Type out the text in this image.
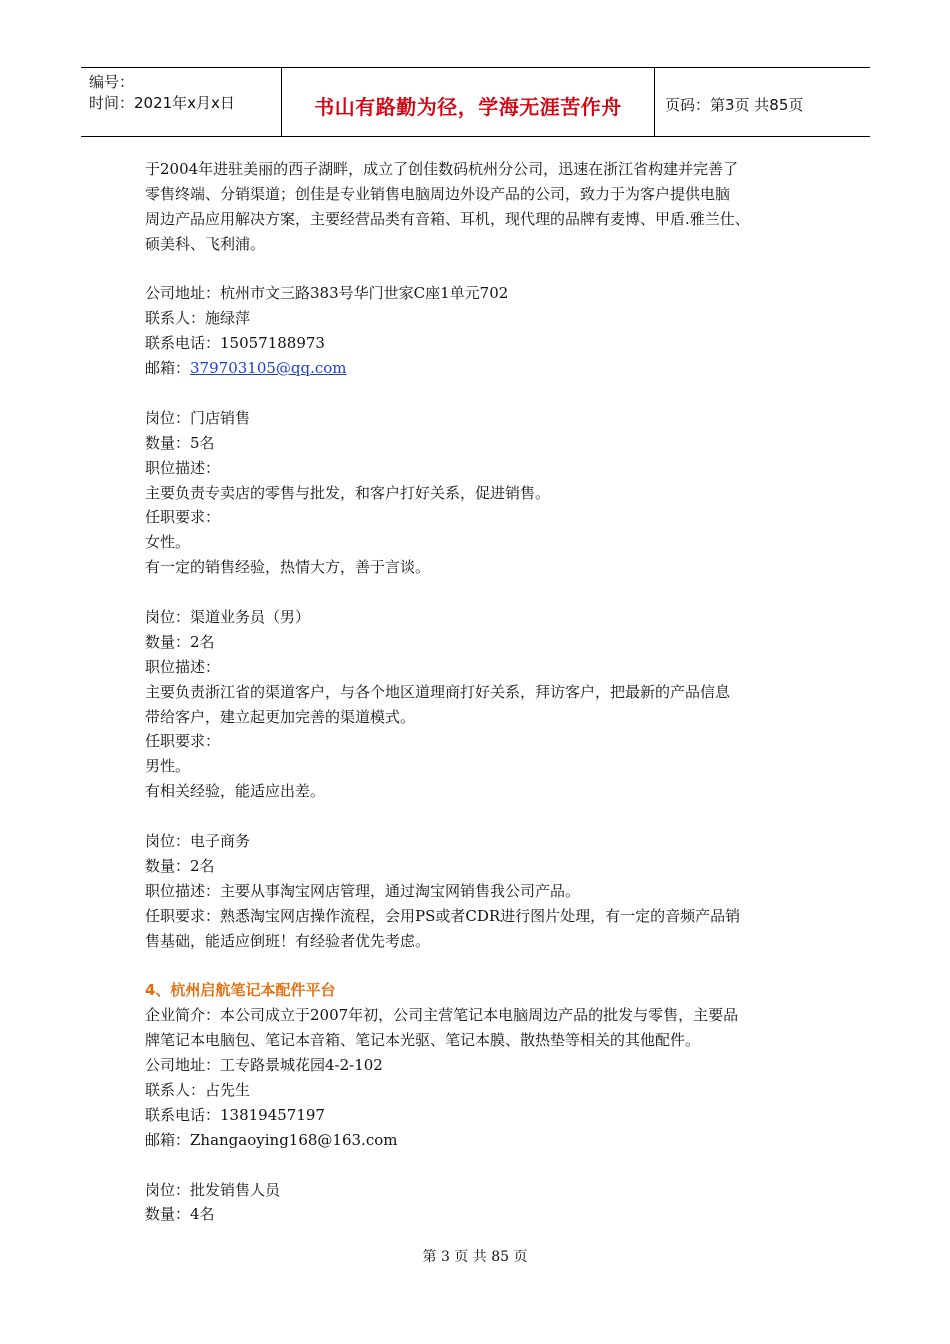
编号：
时间：2021年x月x日	书山有路勤为径，学海无涯苦作舟	页码：第3页 共85页
于2004年进驻美丽的西子湖畔，成立了创佳数码杭州分公司，迅速在浙江省构建并完善了
零售终端、分销渠道；创佳是专业销售电脑周边外设产品的公司，致力于为客户提供电脑
周边产品应用解决方案，主要经营品类有音箱、耳机，现代理的品牌有麦博、甲盾.雅兰仕、
硕美科、飞利浦。
公司地址：杭州市文三路383号华门世家C座1单元702
联系人：施绿萍
联系电话：15057188973
邮箱：379703105@qq.com
岗位：门店销售
数量：5名
职位描述：
主要负责专卖店的零售与批发，和客户打好关系，促进销售。
任职要求：
女性。
有一定的销售经验，热情大方，善于言谈。
岗位：渠道业务员（男）
数量：2名
职位描述：
主要负责浙江省的渠道客户，与各个地区道理商打好关系，拜访客户，把最新的产品信息
带给客户，建立起更加完善的渠道模式。
任职要求：
男性。
有相关经验，能适应出差。
岗位：电子商务
数量：2名
职位描述：主要从事淘宝网店管理，通过淘宝网销售我公司产品。
任职要求：熟悉淘宝网店操作流程，会用PS或者CDR进行图片处理，有一定的音频产品销
售基础，能适应倒班！有经验者优先考虑。
4、杭州启航笔记本配件平台
企业简介：本公司成立于2007年初，公司主营笔记本电脑周边产品的批发与零售，主要品
牌笔记本电脑包、笔记本音箱、笔记本光驱、笔记本膜、散热垫等相关的其他配件。
公司地址：工专路景城花园4-2-102
联系人：占先生
联系电话：13819457197
邮箱：Zhangaoying168@163.com
岗位：批发销售人员
数量：4名
第 3 页 共 85 页
